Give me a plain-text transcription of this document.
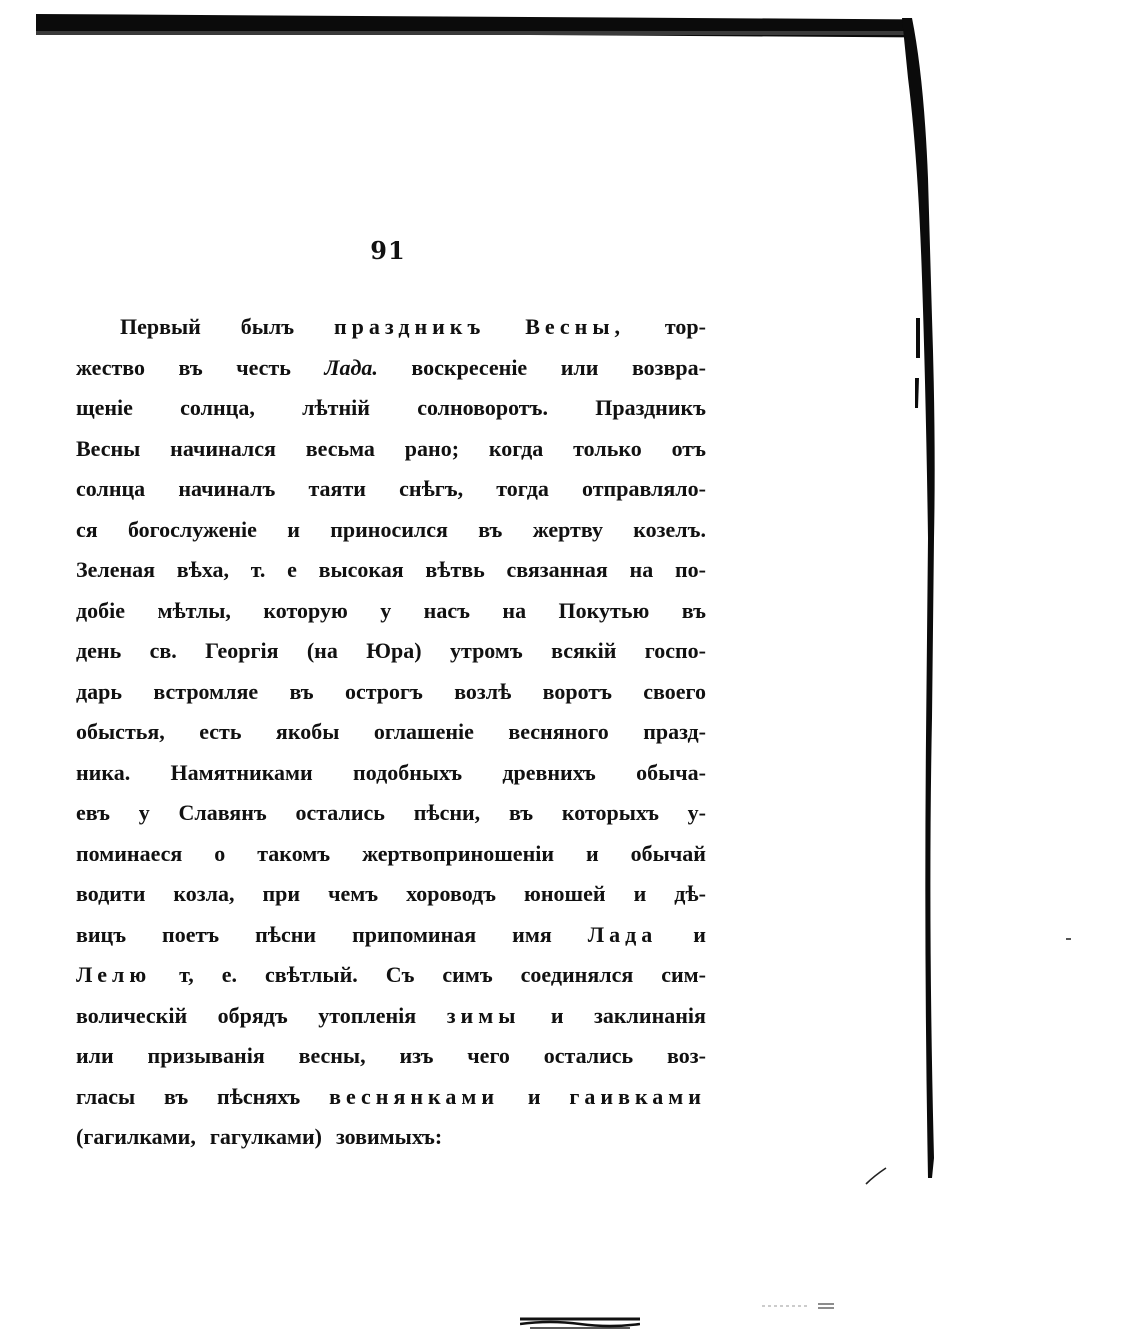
91
Первый былъ праздникъ Весны, тор-
жество въ честь Лада. воскресеніе или возвра-
щеніе солнца, лѣтній солноворотъ. Праздникъ
Весны начинался весьма рано; когда только отъ
солнца начиналъ таяти снѣгъ, тогда отправлялo-
ся богослуженіе и приносился въ жертву козелъ.
Зеленая вѣха, т. е высокая вѣтвь связанная на по-
добіе мѣтлы, которую у насъ на Покутью въ
день св. Георгія (на Юра) утромъ всякій госпо-
дарь встромляе въ острогъ возлѣ воротъ своего
обыстья, есть якобы оглашеніе весняного празд-
ника. Намятниками подобныхъ древнихъ обыча-
евъ у Славянъ остались пѣсни, въ которыхъ у-
поминаеся о такомъ жертвоприношеніи и обычай
водити козла, при чемъ хороводъ юношей и дѣ-
вицъ поетъ пѣсни припоминая имя Лада и
Лелю т, е. свѣтлый. Съ симъ соединялся сим-
волическій обрядъ утопленія зимы и заклинанія
или призыванія весны, изъ чего остались воз-
гласы въ пѣсняхъ веснянками и гаивками
(гагилками, гагулками) зовимыхъ:
